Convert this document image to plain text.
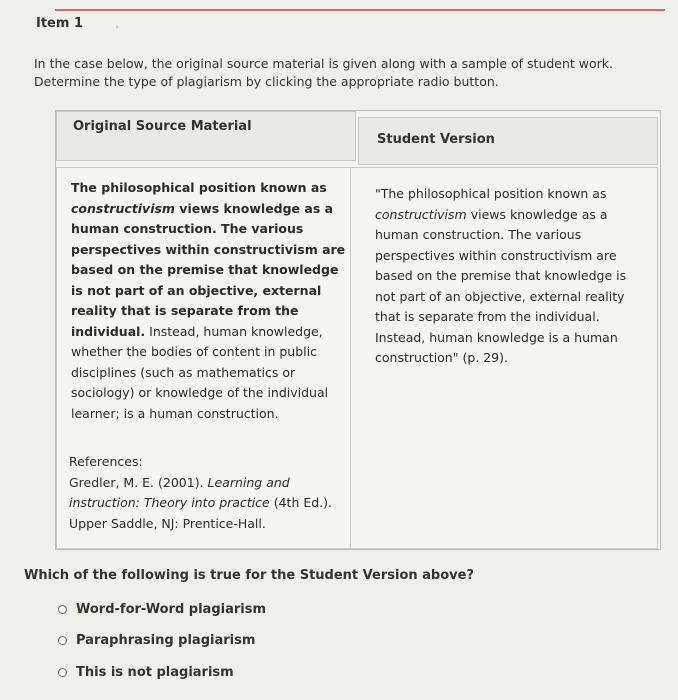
Item 1
In the case below, the original source material is given along with a sample of student work.
Determine the type of plagiarism by clicking the appropriate radio button.
Original Source Material
Student Version
The philosophical position known as constructivism views knowledge as a human construction. The various perspectives within constructivism are based on the premise that knowledge is not part of an objective, external reality that is separate from the individual. Instead, human knowledge, whether the bodies of content in public disciplines (such as mathematics or sociology) or knowledge of the individual learner; is a human construction.
References:
Gredler, M. E. (2001). Learning and instruction: Theory into practice (4th Ed.). Upper Saddle, NJ: Prentice-Hall.
"The philosophical position known as constructivism views knowledge as a human construction. The various perspectives within constructivism are based on the premise that knowledge is not part of an objective, external reality that is separate from the individual. Instead, human knowledge is a human construction" (p. 29).
Which of the following is true for the Student Version above?
Word-for-Word plagiarism
Paraphrasing plagiarism
This is not plagiarism
